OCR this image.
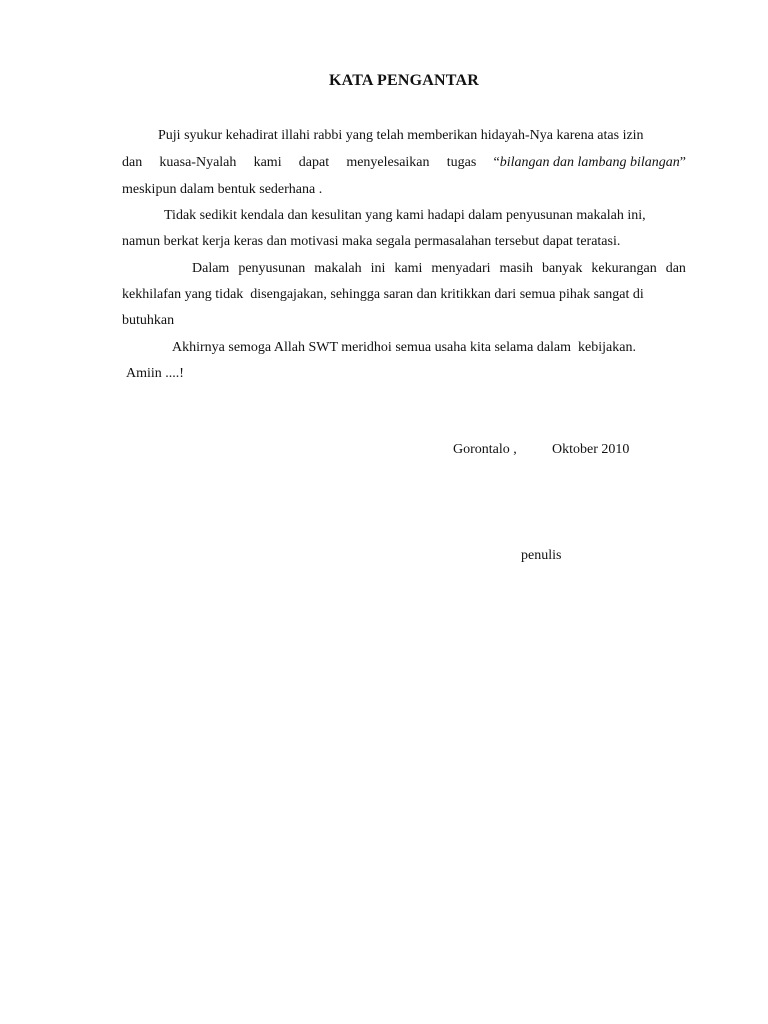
KATA PENGANTAR
Puji syukur kehadirat illahi rabbi yang telah memberikan hidayah-Nya karena atas izin
dan kuasa-Nyalah kami dapat menyelesaikan tugas “bilangan dan lambang bilangan”
meskipun dalam bentuk sederhana .
Tidak sedikit kendala dan kesulitan yang kami hadapi dalam penyusunan makalah ini,
namun berkat kerja keras dan motivasi maka segala permasalahan tersebut dapat teratasi.
Dalam penyusunan makalah ini kami menyadari masih banyak kekurangan dan
kekhilafan yang tidak  disengajakan, sehingga saran dan kritikkan dari semua pihak sangat di
butuhkan
Akhirnya semoga Allah SWT meridhoi semua usaha kita selama dalam  kebijakan.
Amiin ....!
Gorontalo ,	Oktober 2010
penulis
